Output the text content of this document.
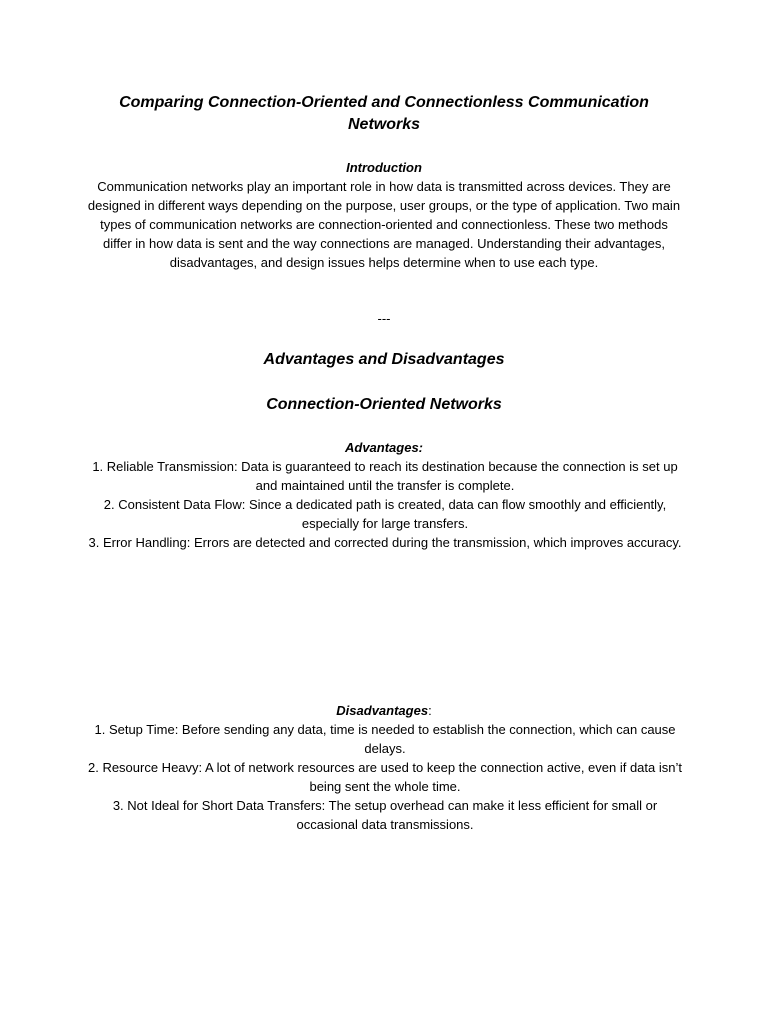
Comparing Connection-Oriented and Connectionless Communication Networks
Introduction

Communication networks play an important role in how data is transmitted across devices. They are designed in different ways depending on the purpose, user groups, or the type of application. Two main types of communication networks are connection-oriented and connectionless. These two methods differ in how data is sent and the way connections are managed. Understanding their advantages, disadvantages, and design issues helps determine when to use each type.

---
Advantages and Disadvantages
Connection-Oriented Networks
Advantages:

1. Reliable Transmission: Data is guaranteed to reach its destination because the connection is set up and maintained until the transfer is complete.

2. Consistent Data Flow: Since a dedicated path is created, data can flow smoothly and efficiently, especially for large transfers.

3. Error Handling: Errors are detected and corrected during the transmission, which improves accuracy.

Disadvantages:

1. Setup Time: Before sending any data, time is needed to establish the connection, which can cause delays.

2. Resource Heavy: A lot of network resources are used to keep the connection active, even if data isn’t being sent the whole time.

3. Not Ideal for Short Data Transfers: The setup overhead can make it less efficient for small or occasional data transmissions.
